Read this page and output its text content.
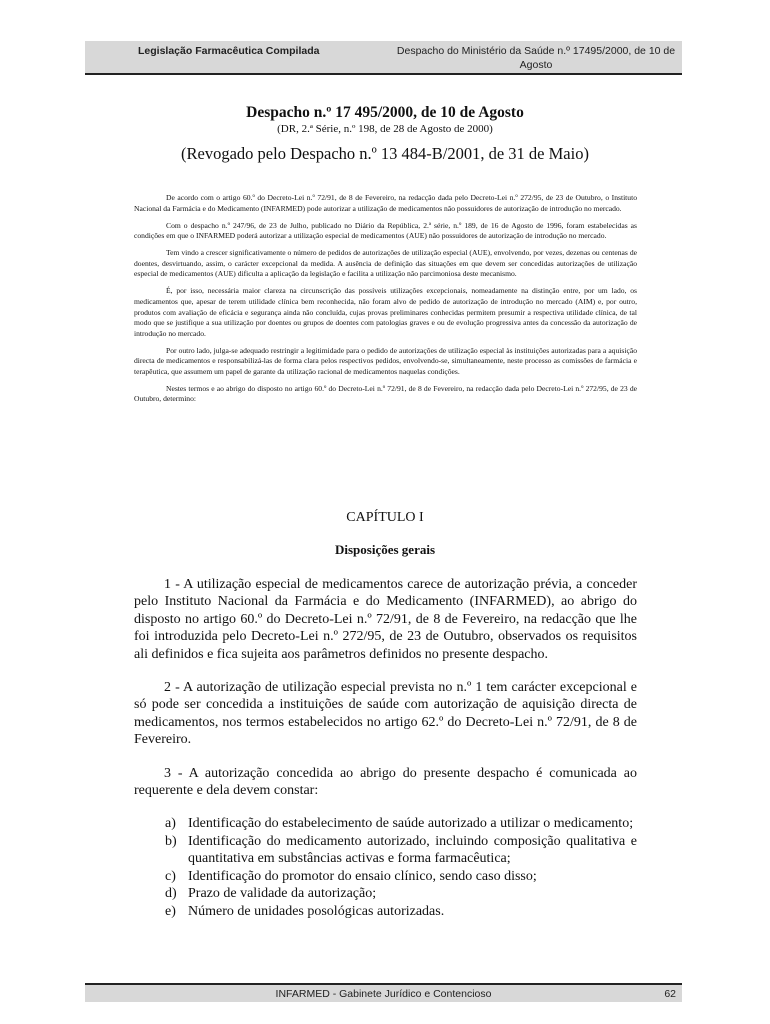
Legislação Farmacêutica Compilada	Despacho do Ministério da Saúde n.º 17495/2000, de 10 de Agosto
Despacho n.º 17 495/2000, de 10 de Agosto
(DR, 2.ª Série, n.º 198, de 28 de Agosto de 2000)
(Revogado pelo Despacho n.º 13 484-B/2001, de 31 de Maio)

De acordo com o artigo 60.º do Decreto-Lei n.º 72/91, de 8 de Fevereiro, na redacção dada pelo Decreto-Lei n.º 272/95, de 23 de Outubro, o Instituto Nacional da Farmácia e do Medicamento (INFARMED) pode autorizar a utilização de medicamentos não possuidores de autorização de introdução no mercado.

Com o despacho n.º 247/96, de 23 de Julho, publicado no Diário da República, 2.ª série, n.º 189, de 16 de Agosto de 1996, foram estabelecidas as condições em que o INFARMED poderá autorizar a utilização especial de medicamentos (AUE) não possuidores de autorização de introdução no mercado.

Tem vindo a crescer significativamente o número de pedidos de autorizações de utilização especial (AUE), envolvendo, por vezes, dezenas ou centenas de doentes, desvirtuando, assim, o carácter excepcional da medida. A ausência de definição das situações em que devem ser concedidas autorizações de utilização especial de medicamentos (AUE) dificulta a aplicação da legislação e facilita a utilização não parcimoniosa deste mecanismo.

É, por isso, necessária maior clareza na circunscrição das possíveis utilizações excepcionais, nomeadamente na distinção entre, por um lado, os medicamentos que, apesar de terem utilidade clínica bem reconhecida, não foram alvo de pedido de autorização de introdução no mercado (AIM) e, por outro, produtos com avaliação de eficácia e segurança ainda não concluída, cujas provas preliminares conhecidas permitem presumir a respectiva utilidade clínica, de tal modo que se justifique a sua utilização por doentes ou grupos de doentes com patologias graves e ou de evolução progressiva antes da concessão da autorização de introdução no mercado.

Por outro lado, julga-se adequado restringir a legitimidade para o pedido de autorizações de utilização especial às instituições autorizadas para a aquisição directa de medicamentos e responsabilizá-las de forma clara pelos respectivos pedidos, envolvendo-se, simultaneamente, neste processo as comissões de farmácia e terapêutica, que assumem um papel de garante da utilização racional de medicamentos naquelas condições.

Nestes termos e ao abrigo do disposto no artigo 60.º do Decreto-Lei n.º 72/91, de 8 de Fevereiro, na redacção dada pelo Decreto-Lei n.º 272/95, de 23 de Outubro, determino:

CAPÍTULO I
Disposições gerais

1 - A utilização especial de medicamentos carece de autorização prévia, a conceder pelo Instituto Nacional da Farmácia e do Medicamento (INFARMED), ao abrigo do disposto no artigo 60.º do Decreto-Lei n.º 72/91, de 8 de Fevereiro, na redacção que lhe foi introduzida pelo Decreto-Lei n.º 272/95, de 23 de Outubro, observados os requisitos ali definidos e fica sujeita aos parâmetros definidos no presente despacho.

2 - A autorização de utilização especial prevista no n.º 1 tem carácter excepcional e só pode ser concedida a instituições de saúde com autorização de aquisição directa de medicamentos, nos termos estabelecidos no artigo 62.º do Decreto-Lei n.º 72/91, de 8 de Fevereiro.

3 - A autorização concedida ao abrigo do presente despacho é comunicada ao requerente e dela devem constar:

a) Identificação do estabelecimento de saúde autorizado a utilizar o medicamento;
b) Identificação do medicamento autorizado, incluindo composição qualitativa e quantitativa em substâncias activas e forma farmacêutica;
c) Identificação do promotor do ensaio clínico, sendo caso disso;
d) Prazo de validade da autorização;
e) Número de unidades posológicas autorizadas.
INFARMED - Gabinete Jurídico e Contencioso	62
